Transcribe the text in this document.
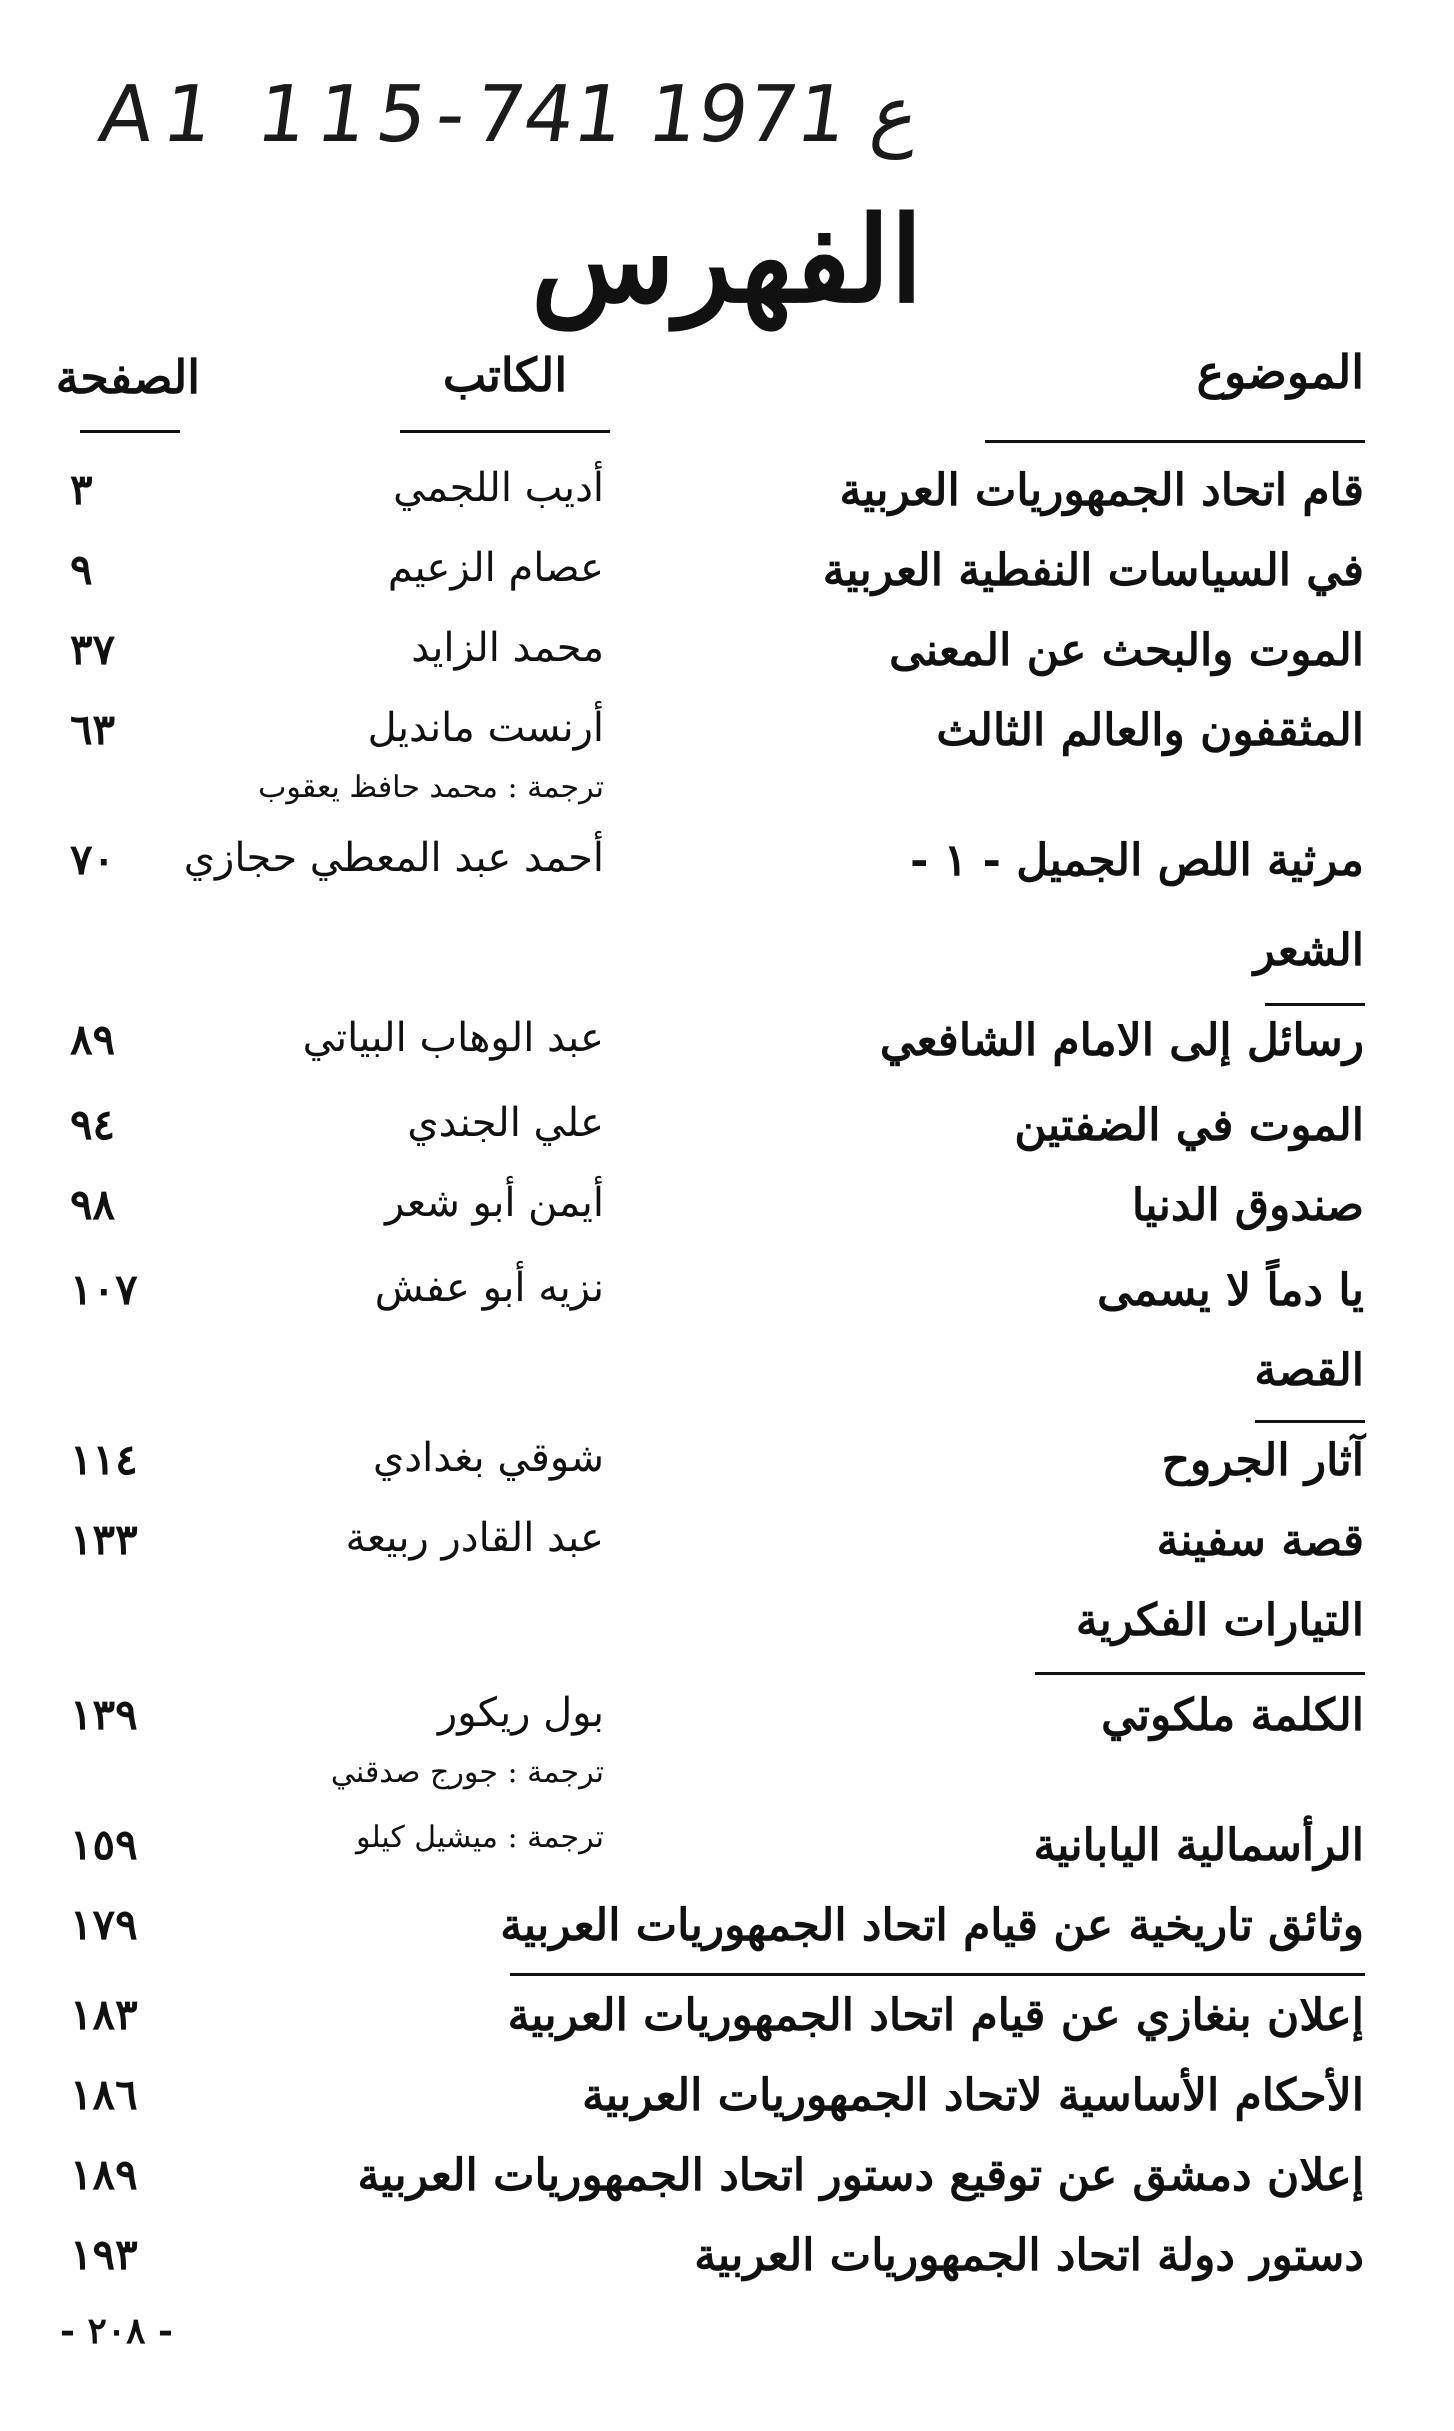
A1 115-ع 1971 741
الفهرس
الموضوع
الكاتب
الصفحة
قام اتحاد الجمهوريات العربية
أديب اللجمي
٣
في السياسات النفطية العربية
عصام الزعيم
٩
الموت والبحث عن المعنى
محمد الزايد
٣٧
المثقفون والعالم الثالث
أرنست مانديل
٦٣
ترجمة : محمد حافظ يعقوب
مرثية اللص الجميل - ١ -
أحمد عبد المعطي حجازي
٧٠
الشعر
رسائل إلى الامام الشافعي
عبد الوهاب البياتي
٨٩
الموت في الضفتين
علي الجندي
٩٤
صندوق الدنيا
أيمن أبو شعر
٩٨
يا دماً لا يسمى
نزيه أبو عفش
١٠٧
القصة
آثار الجروح
شوقي بغدادي
١١٤
قصة سفينة
عبد القادر ربيعة
١٣٣
التيارات الفكرية
الكلمة ملكوتي
بول ريكور
١٣٩
ترجمة : جورج صدقني
الرأسمالية اليابانية
ترجمة : ميشيل كيلو
١٥٩
وثائق تاريخية عن قيام اتحاد الجمهوريات العربية
١٧٩
إعلان بنغازي عن قيام اتحاد الجمهوريات العربية
١٨٣
الأحكام الأساسية لاتحاد الجمهوريات العربية
١٨٦
إعلان دمشق عن توقيع دستور اتحاد الجمهوريات العربية
١٨٩
دستور دولة اتحاد الجمهوريات العربية
١٩٣
- ٢٠٨ -
